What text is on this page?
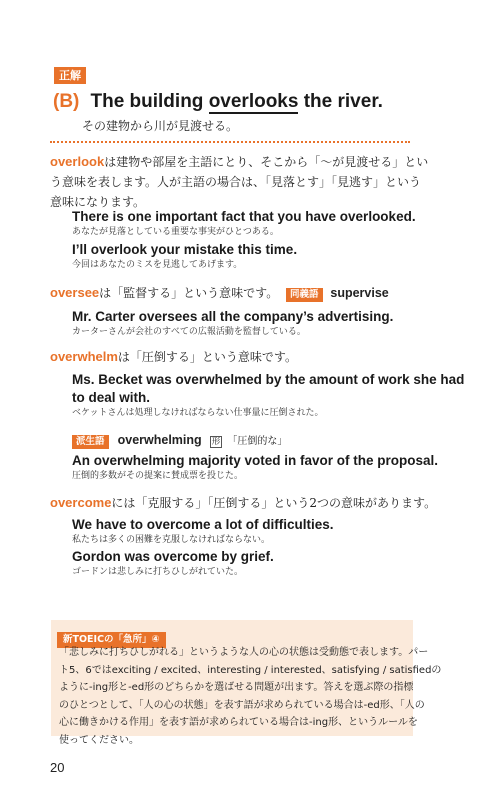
正解
(B) The building overlooks the river.
その建物から川が見渡せる。
overlookは建物や部屋を主語にとり、そこから「～が見渡せる」とい
う意味を表します。人が主語の場合は、「見落とす」「見逃す」という
意味になります。
There is one important fact that you have overlooked.
あなたが見落としている重要な事実がひとつある。
I’ll overlook your mistake this time.
今回はあなたのミスを見逃してあげます。
overseeは「監督する」という意味です。 同義語 supervise
Mr. Carter oversees all the company’s advertising.
カーターさんが会社のすべての広報活動を監督している。
overwhelmは「圧倒する」という意味です。
Ms. Becket was overwhelmed by the amount of work she had
to deal with.
ベケットさんは処理しなければならない仕事量に圧倒された。
派生語 overwhelming 形 「圧倒的な」
An overwhelming majority voted in favor of the proposal.
圧倒的多数がその提案に賛成票を投じた。
overcomeには「克服する」「圧倒する」という2つの意味があります。
We have to overcome a lot of difficulties.
私たちは多くの困難を克服しなければならない。
Gordon was overcome by grief.
ゴードンは悲しみに打ちひしがれていた。
新TOEICの「急所」④
「悲しみに打ちひしがれる」というような人の心の状態は受動態で表します。パー
ト5、6ではexciting / excited、interesting / interested、satisfying / satisfiedの
ように-ing形と-ed形のどちらかを選ばせる問題が出ます。答えを選ぶ際の指標
のひとつとして、「人の心の状態」を表す語が求められている場合は-ed形、「人の
心に働きかける作用」を表す語が求められている場合は-ing形、というルールを
使ってください。
20
